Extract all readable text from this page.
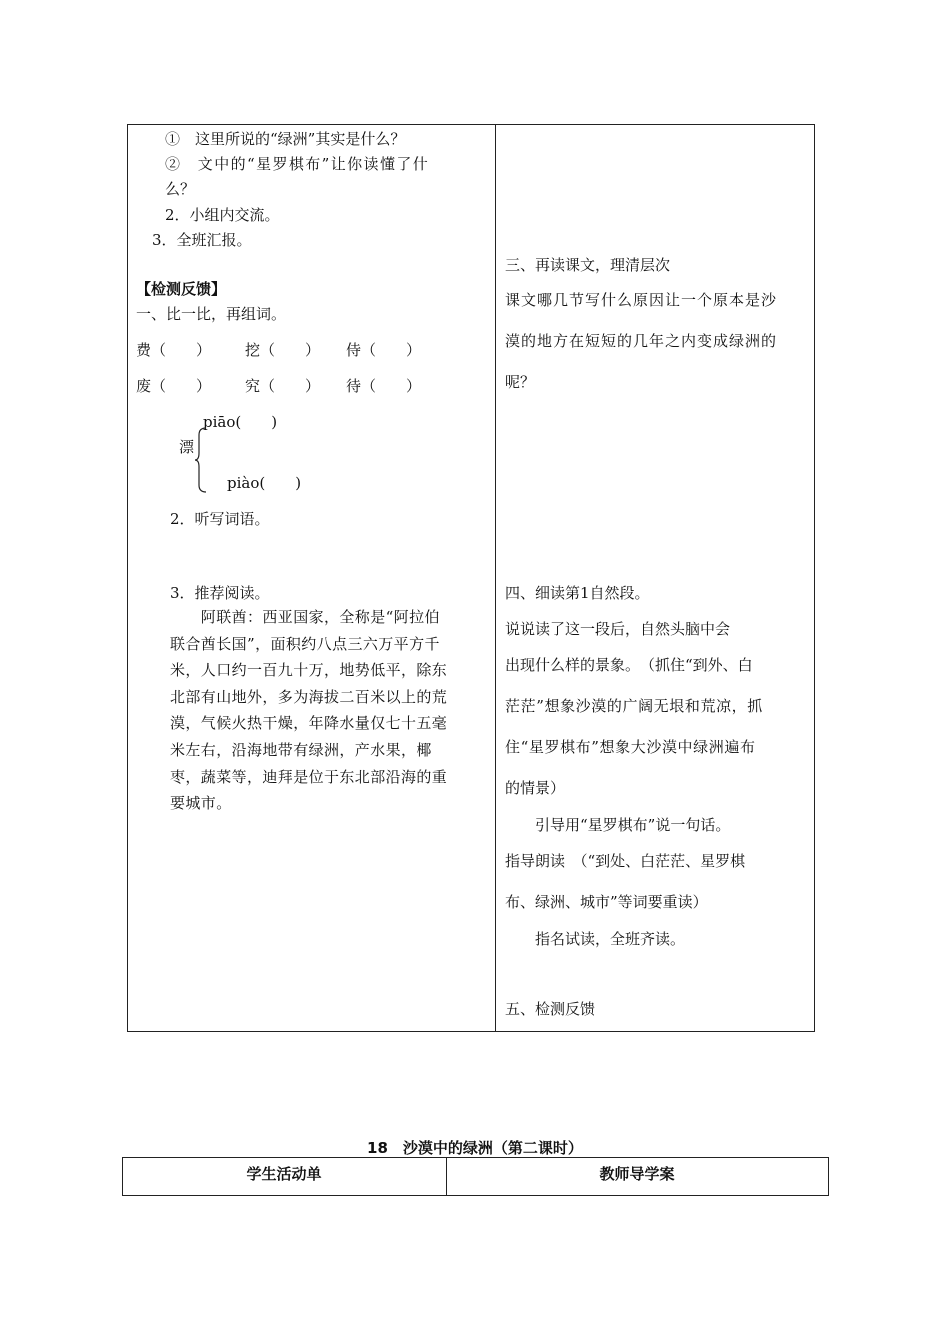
①　这里所说的“绿洲”其实是什么？
②　文中的“星罗棋布”让你读懂了什
么？
2．小组内交流。
3．全班汇报。
【检测反馈】
一、比一比，再组词。
费（　　） 挖（　　） 侍（　　）
废（　　） 究（　　） 待（　　）
piāo(　　)
漂
piào(　　)
2．听写词语。
3．推荐阅读。
　　阿联酋：西亚国家，全称是“阿拉伯
联合酋长国”，面积约八点三六万平方千
米，人口约一百九十万，地势低平，除东
北部有山地外，多为海拔二百米以上的荒
漠，气候火热干燥，年降水量仅七十五毫
米左右，沿海地带有绿洲，产水果，椰
枣，蔬菜等，迪拜是位于东北部沿海的重
要城市。
三、再读课文，理清层次
课文哪几节写什么原因让一个原本是沙
漠的地方在短短的几年之内变成绿洲的
呢？
四、细读第1自然段。
说说读了这一段后，自然头脑中会
出现什么样的景象。　（抓住“到外、白
茫茫”想象沙漠的广阔无垠和荒凉，抓
住“星罗棋布”想象大沙漠中绿洲遍布
的情景）
　　引导用“星罗棋布”说一句话。
指导朗读　（“到处、白茫茫、星罗棋
布、绿洲、城市”等词要重读）
　　指名试读，全班齐读。
五、检测反馈
18　沙漠中的绿洲（第二课时）
学生活动单	教师导学案
